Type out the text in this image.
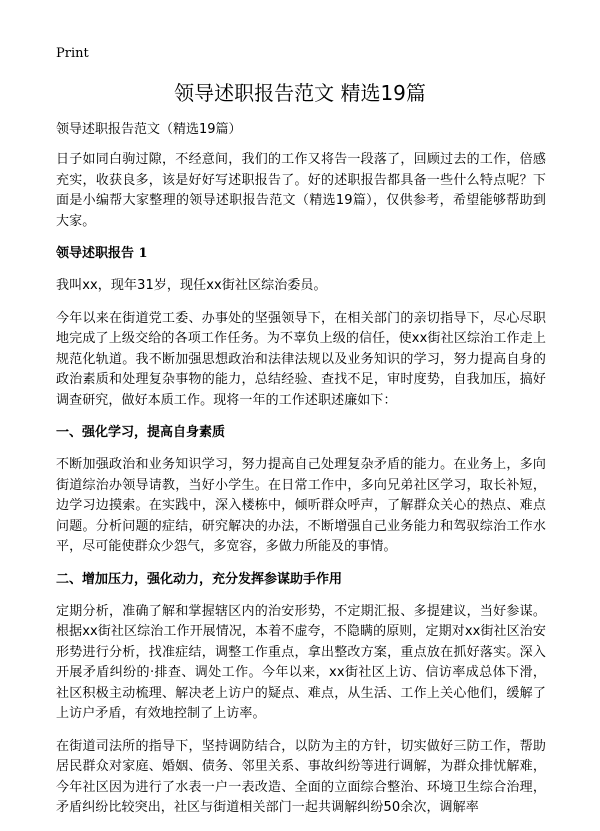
Print
领导述职报告范文 精选19篇

领导述职报告范文（精选19篇）

日子如同白驹过隙，不经意间，我们的工作又将告一段落了，回顾过去的工作，倍感充实，收获良多，该是好好写述职报告了。好的述职报告都具备一些什么特点呢？下面是小编帮大家整理的领导述职报告范文（精选19篇），仅供参考，希望能够帮助到大家。

领导述职报告 1

我叫xx，现年31岁，现任xx街社区综治委员。

今年以来在街道党工委、办事处的坚强领导下，在相关部门的亲切指导下，尽心尽职地完成了上级交给的各项工作任务。为不辜负上级的信任，使xx街社区综治工作走上规范化轨道。我不断加强思想政治和法律法规以及业务知识的学习，努力提高自身的政治素质和处理复杂事物的能力，总结经验、查找不足，审时度势，自我加压，搞好调查研究，做好本质工作。现将一年的工作述职述廉如下：

一、强化学习，提高自身素质

不断加强政治和业务知识学习，努力提高自己处理复杂矛盾的能力。在业务上，多向街道综治办领导请教，当好小学生。在日常工作中，多向兄弟社区学习，取长补短，边学习边摸索。在实践中，深入楼栋中，倾听群众呼声，了解群众关心的热点、难点问题。分析问题的症结，研究解决的办法，不断增强自己业务能力和驾驭综治工作水平，尽可能使群众少怨气，多宽容，多做力所能及的事情。

二、增加压力，强化动力，充分发挥参谋助手作用

定期分析，准确了解和掌握辖区内的治安形势，不定期汇报、多提建议，当好参谋。根据xx街社区综治工作开展情况，本着不虚夸，不隐瞒的原则，定期对xx街社区治安形势进行分析，找准症结，调整工作重点，拿出整改方案，重点放在抓好落实。深入开展矛盾纠纷的·排查、调处工作。今年以来，xx街社区上访、信访率成总体下滑，社区积极主动梳理、解决老上访户的疑点、难点，从生活、工作上关心他们，缓解了上访户矛盾，有效地控制了上访率。

在街道司法所的指导下，坚持调防结合，以防为主的方针，切实做好三防工作，帮助居民群众对家庭、婚姻、债务、邻里关系、事故纠纷等进行调解，为群众排忧解难，今年社区因为进行了水表一户一表改造、全面的立面综合整治、环境卫生综合治理，矛盾纠纷比较突出，社区与街道相关部门一起共调解纠纷50余次，调解率
